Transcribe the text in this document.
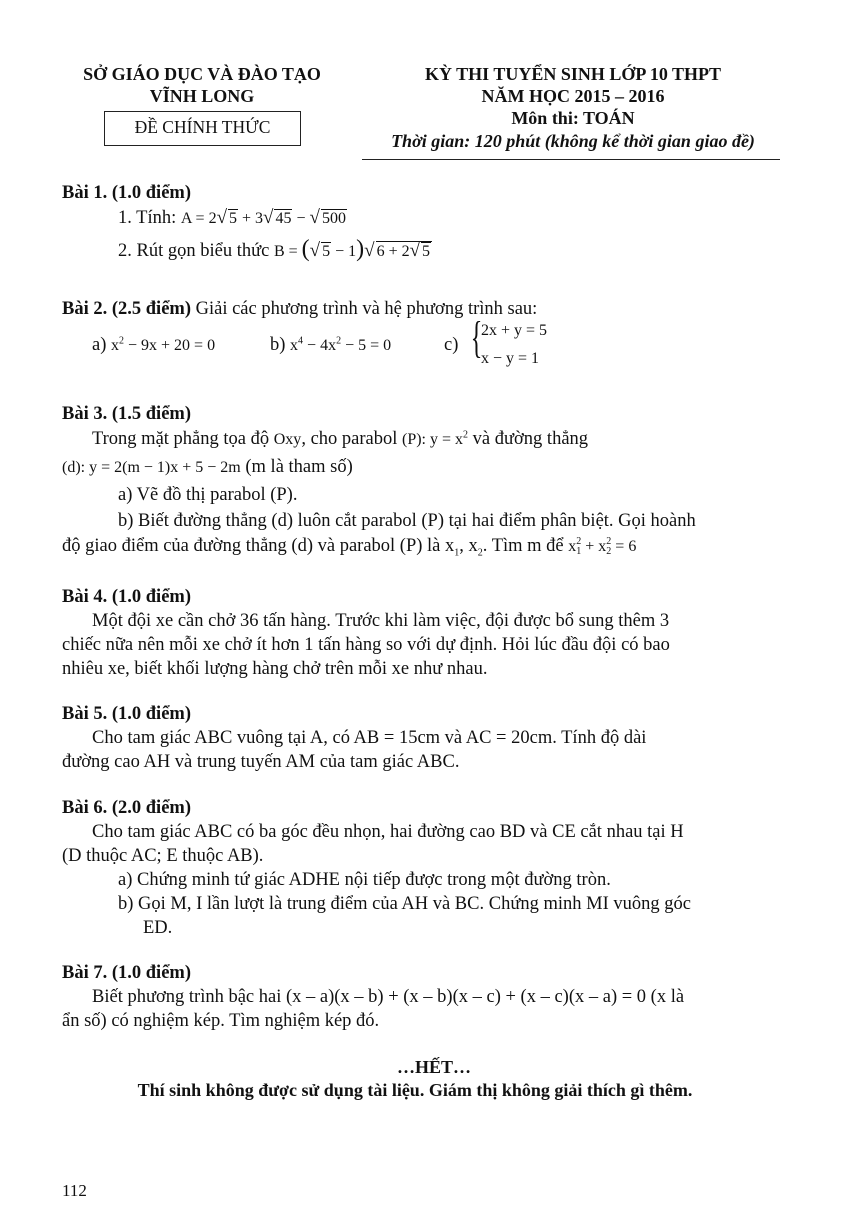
SỞ GIÁO DỤC VÀ ĐÀO TẠO
VĨNH LONG
ĐỀ CHÍNH THỨC
KỲ THI TUYỂN SINH LỚP 10 THPT
NĂM HỌC 2015 – 2016
Môn thi: TOÁN
Thời gian: 120 phút (không kể thời gian giao đề)
Bài 1. (1.0 điểm)
1. Tính: A = 2√ 5 + 3√ 45 − √ 500
2. Rút gọn biểu thức B = (√ 5 − 1)√ 6 + 2√ 5
Bài 2. (2.5 điểm) Giải các phương trình và hệ phương trình sau:
a) $x^2 - 9x + 20 = 0$	b) $x^4 - 4x^2 - 5 = 0$	c) {
2x + y = 5
x − y = 1
Bài 3. (1.5 điểm)
Trong mặt phẳng tọa độ Oxy, cho parabol (P): $y = x^2$ và đường thẳng
(d): y = 2(m − 1)x + 5 − 2m (m là tham số)
a) Vẽ đồ thị parabol (P).
b) Biết đường thẳng (d) luôn cắt parabol (P) tại hai điểm phân biệt. Gọi hoành
độ giao điểm của đường thẳng (d) và parabol (P) là $x_1$, $x_2$. Tìm m để x 2
1 + x 2
2 = 6
Bài 4. (1.0 điểm)
Một đội xe cần chở 36 tấn hàng. Trước khi làm việc, đội được bổ sung thêm 3
chiếc nữa nên mỗi xe chở ít hơn 1 tấn hàng so với dự định. Hỏi lúc đầu đội có bao
nhiêu xe, biết khối lượng hàng chở trên mỗi xe như nhau.
Bài 5. (1.0 điểm)
Cho tam giác ABC vuông tại A, có AB = 15cm và AC = 20cm. Tính độ dài
đường cao AH và trung tuyến AM của tam giác ABC.
Bài 6. (2.0 điểm)
Cho tam giác ABC có ba góc đều nhọn, hai đường cao BD và CE cắt nhau tại H
(D thuộc AC; E thuộc AB).
a) Chứng minh tứ giác ADHE nội tiếp được trong một đường tròn.
b) Gọi M, I lần lượt là trung điểm của AH và BC. Chứng minh MI vuông góc
ED.
Bài 7. (1.0 điểm)
Biết phương trình bậc hai (x – a)(x – b) + (x – b)(x – c) + (x – c)(x – a) = 0 (x là
ẩn số) có nghiệm kép. Tìm nghiệm kép đó.
…HẾT…
Thí sinh không được sử dụng tài liệu. Giám thị không giải thích gì thêm.
112
